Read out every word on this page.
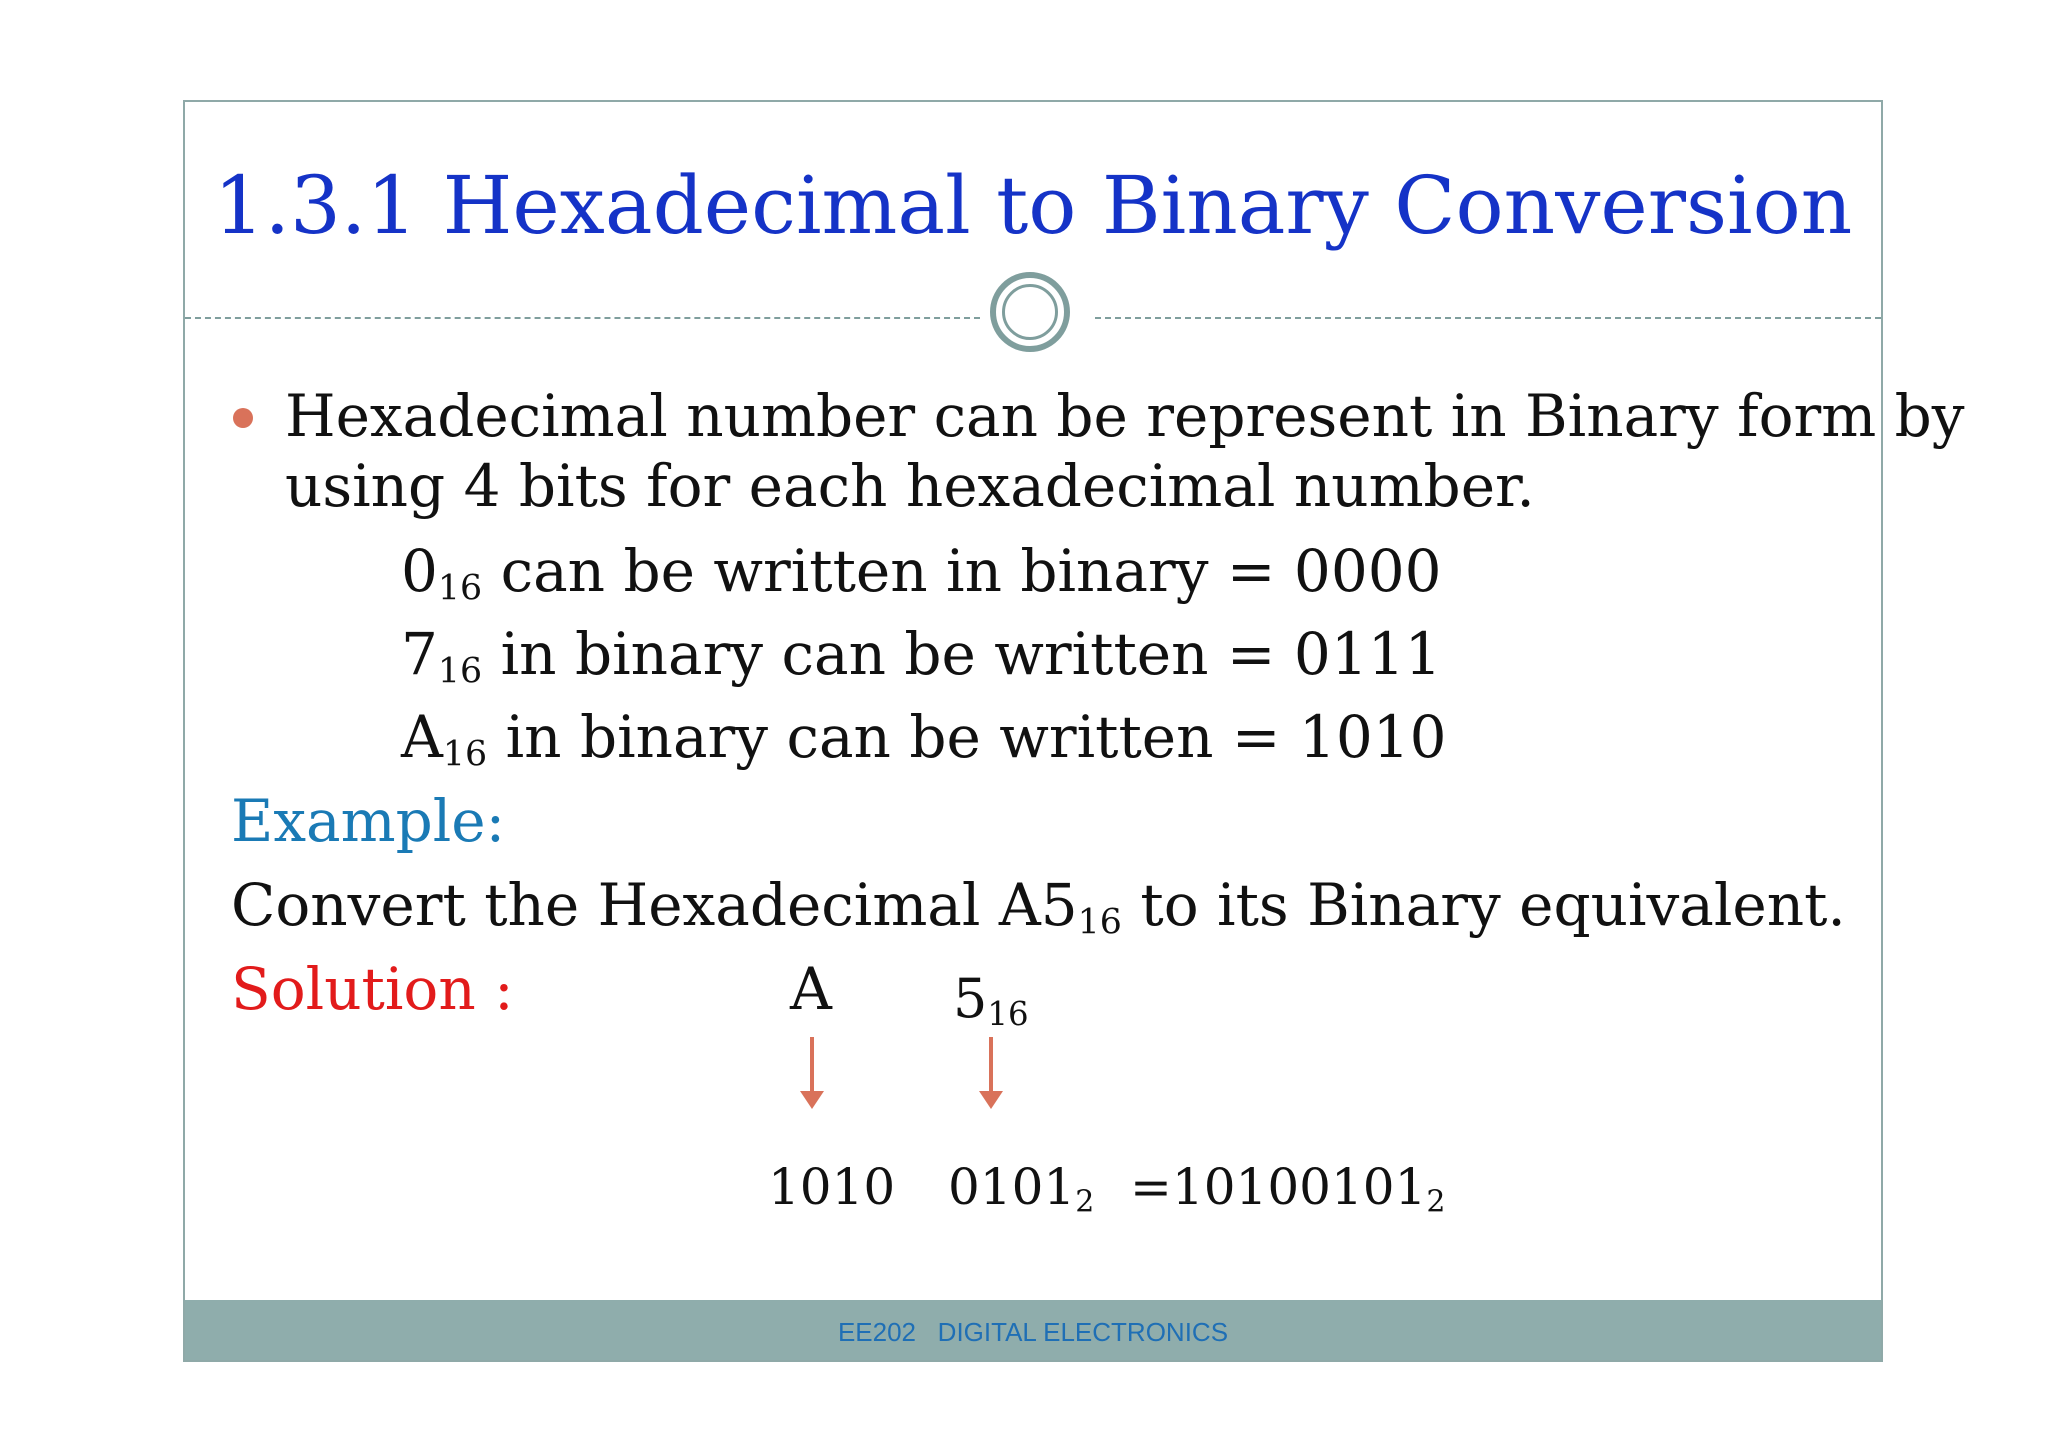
1.3.1 Hexadecimal to Binary Conversion
Hexadecimal number can be represent in Binary form by
using 4 bits for each hexadecimal number.
$0_{16}$ can be written in binary = 0000
$7_{16}$ in binary can be written = 0111
$A_{16}$ in binary can be written = 1010
Example:
Convert the Hexadecimal $A5_{16}$ to its Binary equivalent.
Solution :	A $5_{16}$
1010 $0101_2 =10100101_2$
EE202   DIGITAL ELECTRONICS
